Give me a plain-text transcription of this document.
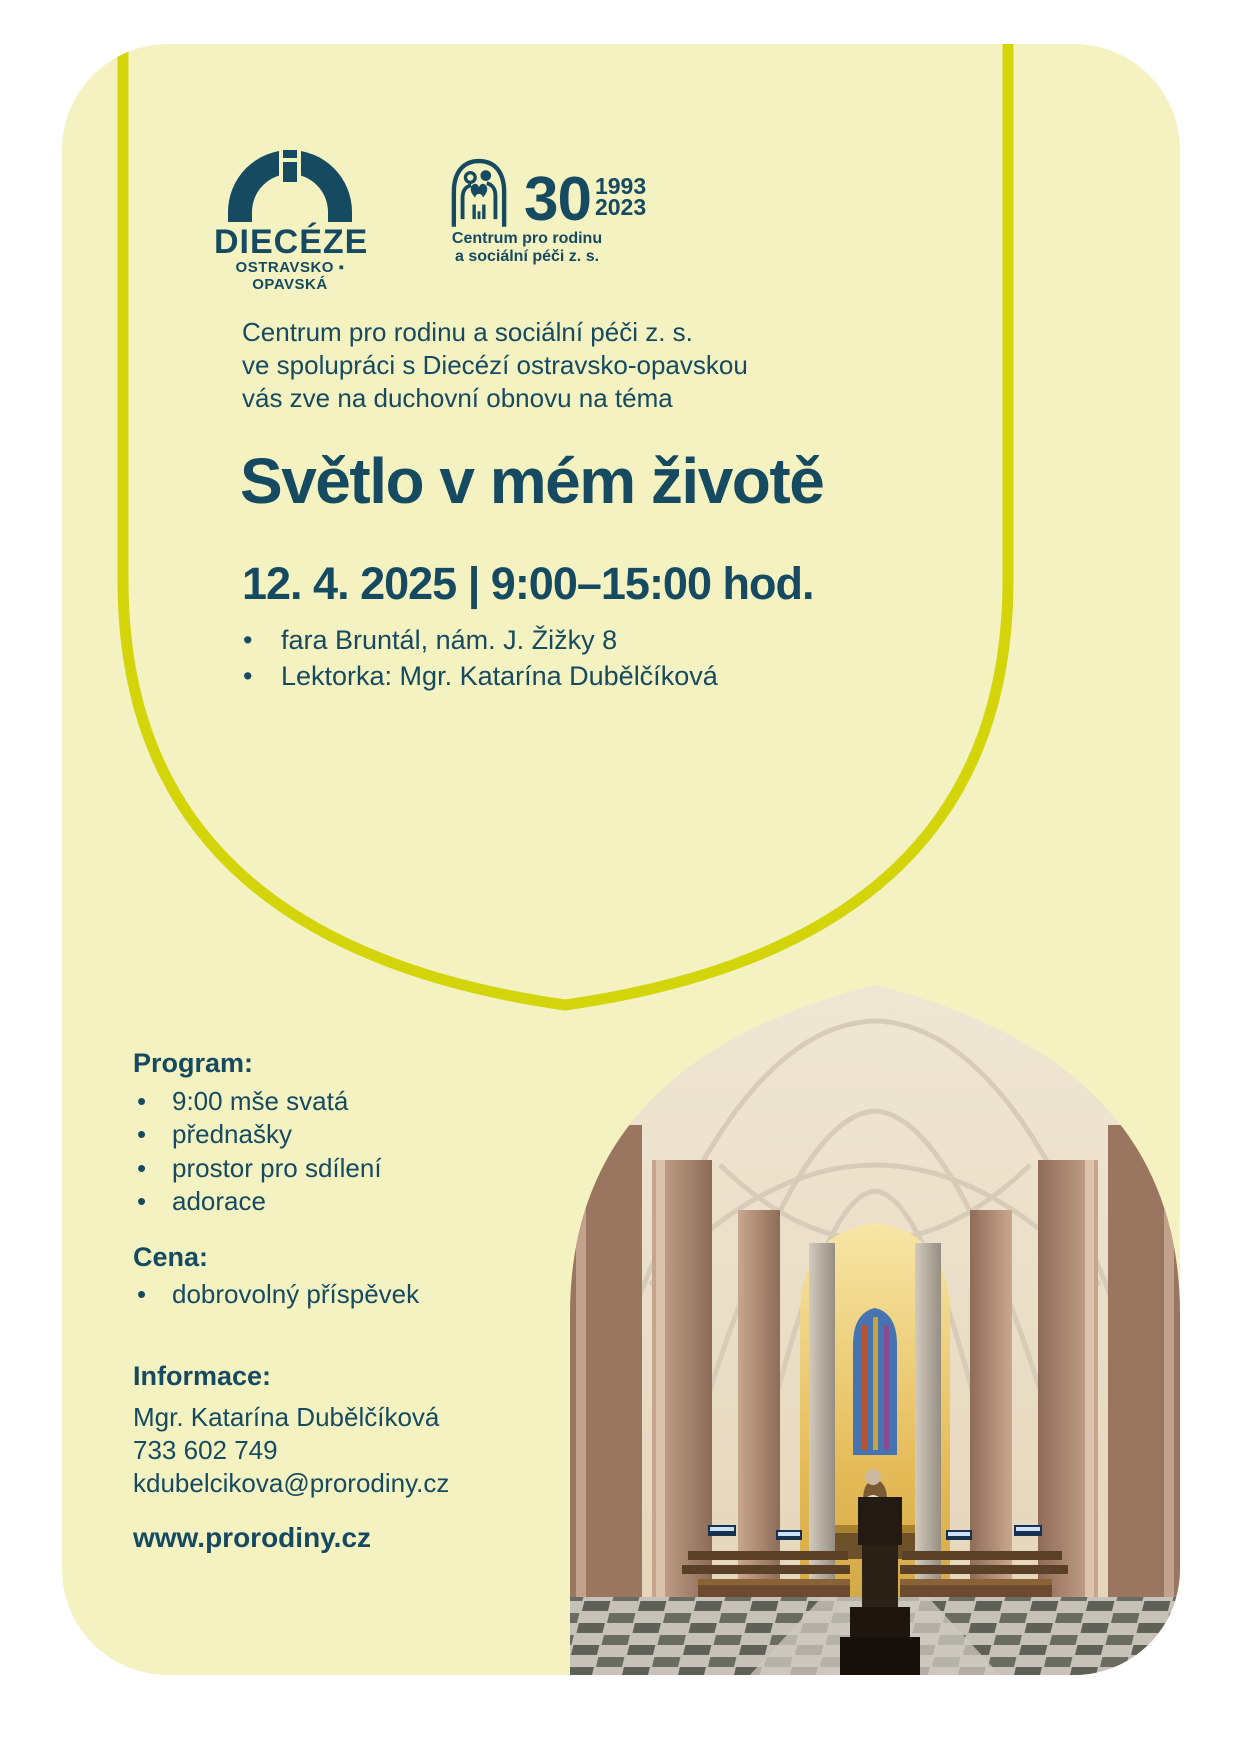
DIECÉZE
OSTRAVSKO ▪ OPAVSKÁ
30 1993
2023
Centrum pro rodinu
a sociální péči z. s.
Centrum pro rodinu a sociální péči z. s.
ve spolupráci s Diecézí ostravsko-opavskou
vás zve na duchovní obnovu na téma
Světlo v mém životě
12. 4. 2025 | 9:00–15:00 hod.
•	fara Bruntál, nám. J. Žižky 8
•	Lektorka: Mgr. Katarína Dubělčíková

Program:

• 9:00 mše svatá
• přednašky
• prostor pro sdílení
• adorace

Cena:

• dobrovolný příspěvek

Informace:

Mgr. Katarína Dubělčíková
733 602 749
kdubelcikova@prorodiny.cz
www.prorodiny.cz
